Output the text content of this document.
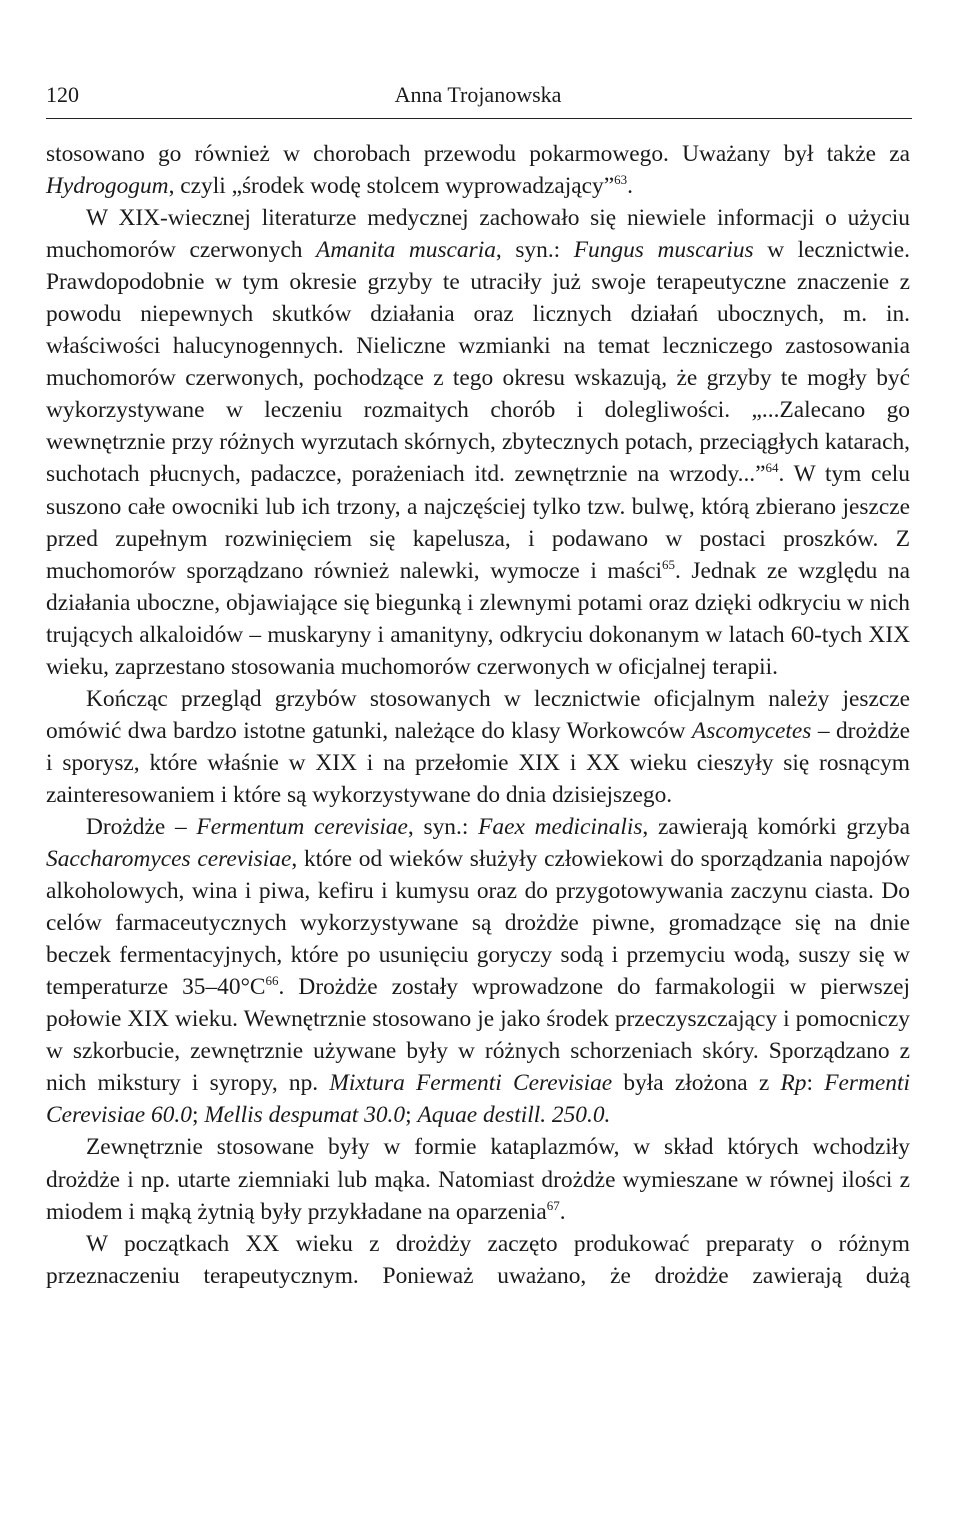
120	Anna Trojanowska

stosowano go również w chorobach przewodu pokarmowego. Uważany był także za Hydrogogum, czyli „środek wodę stolcem wyprowadzający”$^{63}$.

W XIX-wiecznej literaturze medycznej zachowało się niewiele informacji o użyciu muchomorów czerwonych Amanita muscaria, syn.: Fungus muscarius w lecznictwie. Prawdopodobnie w tym okresie grzyby te utraciły już swoje terapeutyczne znaczenie z powodu niepewnych skutków działania oraz licznych działań ubocznych, m. in. właściwości halucynogennych. Nieliczne wzmianki na temat leczniczego zastosowania muchomorów czerwonych, pochodzące z tego okresu wskazują, że grzyby te mogły być wykorzystywane w leczeniu rozmaitych chorób i dolegliwości. „...Zalecano go wewnętrznie przy różnych wyrzutach skórnych, zbytecznych potach, przeciągłych katarach, suchotach płucnych, padaczce, porażeniach itd. zewnętrznie na wrzody...”$^{64}$. W tym celu suszono całe owocniki lub ich trzony, a najczęściej tylko tzw. bulwę, którą zbierano jeszcze przed zupełnym rozwinięciem się kapelusza, i podawano w postaci proszków. Z muchomorów sporządzano również nalewki, wymocze i maści$^{65}$. Jednak ze względu na działania uboczne, objawiające się biegunką i zlewnymi potami oraz dzięki odkryciu w nich trujących alkaloidów – muskaryny i amanityny, odkryciu dokonanym w latach 60-tych XIX wieku, zaprzestano stosowania muchomorów czerwonych w oficjalnej terapii.

Kończąc przegląd grzybów stosowanych w lecznictwie oficjalnym należy jeszcze omówić dwa bardzo istotne gatunki, należące do klasy Workowców Ascomycetes – drożdże i sporysz, które właśnie w XIX i na przełomie XIX i XX wieku cieszyły się rosnącym zainteresowaniem i które są wykorzystywane do dnia dzisiejszego.

Drożdże – Fermentum cerevisiae, syn.: Faex medicinalis, zawierają komórki grzyba Saccharomyces cerevisiae, które od wieków służyły człowiekowi do sporządzania napojów alkoholowych, wina i piwa, kefiru i kumysu oraz do przygotowywania zaczynu ciasta. Do celów farmaceutycznych wykorzystywane są drożdże piwne, gromadzące się na dnie beczek fermentacyjnych, które po usunięciu goryczy sodą i przemyciu wodą, suszy się w temperaturze $35-40^\circ C^{66}$. Drożdże zostały wprowadzone do farmakologii w pierwszej połowie XIX wieku. Wewnętrznie stosowano je jako środek przeczyszczający i pomocniczy w szkorbucie, zewnętrznie używane były w różnych schorzeniach skóry. Sporządzano z nich mikstury i syropy, np. Mixtura Fermenti Cerevisiae była złożona z Rp: Fermenti Cerevisiae 60.0; Mellis despumat 30.0; Aquae destill. 250.0.

Zewnętrznie stosowane były w formie kataplazmów, w skład których wchodziły drożdże i np. utarte ziemniaki lub mąka. Natomiast drożdże wymieszane w równej ilości z miodem i mąką żytnią były przykładane na oparzenia$^{67}$.

W początkach XX wieku z drożdży zaczęto produkować preparaty o różnym przeznaczeniu terapeutycznym. Ponieważ uważano, że drożdże zawierają dużą
